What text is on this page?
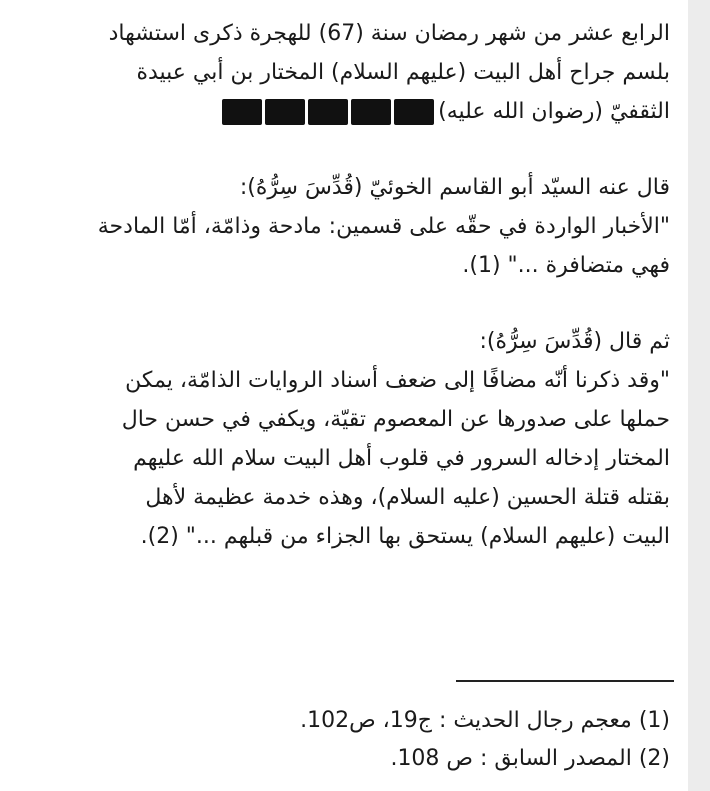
الرابع عشر من شهر رمضان سنة (67) للهجرة ذكرى استشهاد
بلسم جراح أهل البيت (عليهم السلام) المختار بن أبي عبيدة
الثقفيّ (رضوان الله عليه)

قال عنه السيّد أبو القاسم الخوئيّ (قُدِّسَ سِرُّهُ):
"الأخبار الواردة في حقّه على قسمين: مادحة وذامّة، أمّا المادحة
فهي متضافرة ..." (1).

ثم قال (قُدِّسَ سِرُّهُ):
"وقد ذكرنا أنّه مضافًا إلى ضعف أسناد الروايات الذامّة، يمكن
حملها على صدورها عن المعصوم تقيّة، ويكفي في حسن حال
المختار إدخاله السرور في قلوب أهل البيت سلام الله عليهم
بقتله قتلة الحسين (عليه السلام)، وهذه خدمة عظيمة لأهل
البيت (عليهم السلام) يستحق بها الجزاء من قبلهم ..." (2).

(1) معجم رجال الحديث : ج19، ص102.

(2) المصدر السابق : ص 108.
